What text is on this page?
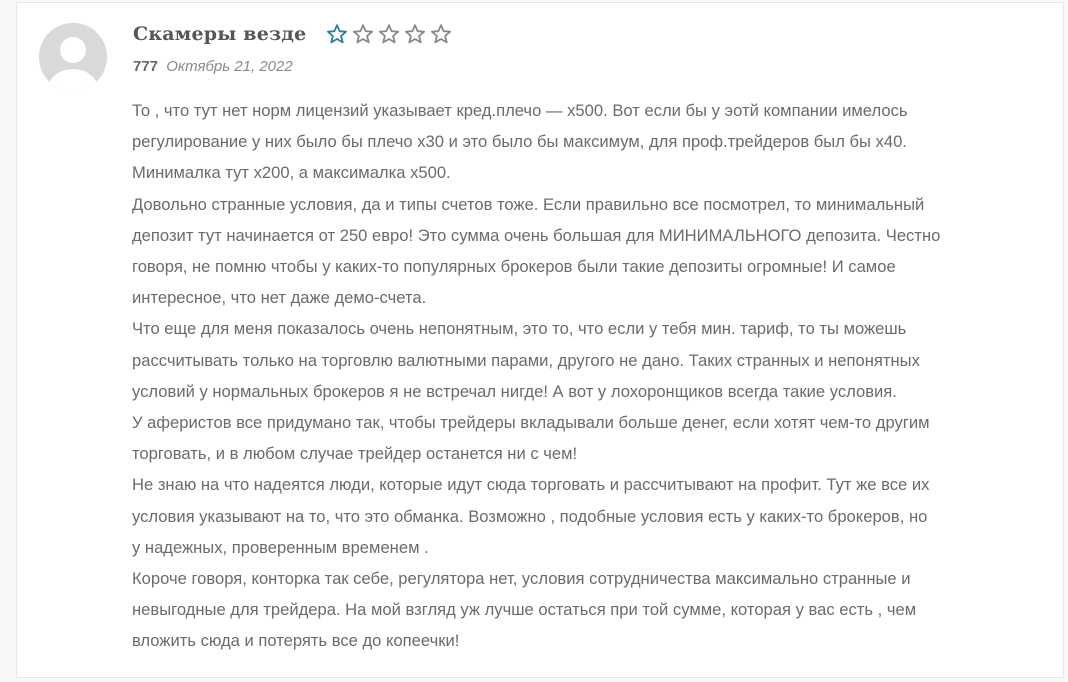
Скамеры везде
777 Октябрь 21, 2022

То , что тут нет норм лицензий указывает кред.плечо — х500. Вот если бы у эотй компании имелось

регулирование у них было бы плечо х30 и это было бы максимум, для проф.трейдеров был бы х40.

Минималка тут х200, а максималка х500.

Довольно странные условия, да и типы счетов тоже. Если правильно все посмотрел, то минимальный

депозит тут начинается от 250 евро! Это сумма очень большая для МИНИМАЛЬНОГО депозита. Честно

говоря, не помню чтобы у каких-то популярных брокеров были такие депозиты огромные! И самое

интересное, что нет даже демо-счета.

Что еще для меня показалось очень непонятным, это то, что если у тебя мин. тариф, то ты можешь

рассчитывать только на торговлю валютными парами, другого не дано. Таких странных и непонятных

условий у нормальных брокеров я не встречал нигде! А вот у лохоронщиков всегда такие условия.

У аферистов все придумано так, чтобы трейдеры вкладывали больше денег, если хотят чем-то другим

торговать, и в любом случае трейдер останется ни с чем!

Не знаю на что надеятся люди, которые идут сюда торговать и рассчитывают на профит. Тут же все их

условия указывают на то, что это обманка. Возможно , подобные условия есть у каких-то брокеров, но

у надежных, проверенным временем .

Короче говоря, конторка так себе, регулятора нет, условия сотрудничества максимально странные и

невыгодные для трейдера. На мой взгляд уж лучше остаться при той сумме, которая у вас есть , чем

вложить сюда и потерять все до копеечки!
